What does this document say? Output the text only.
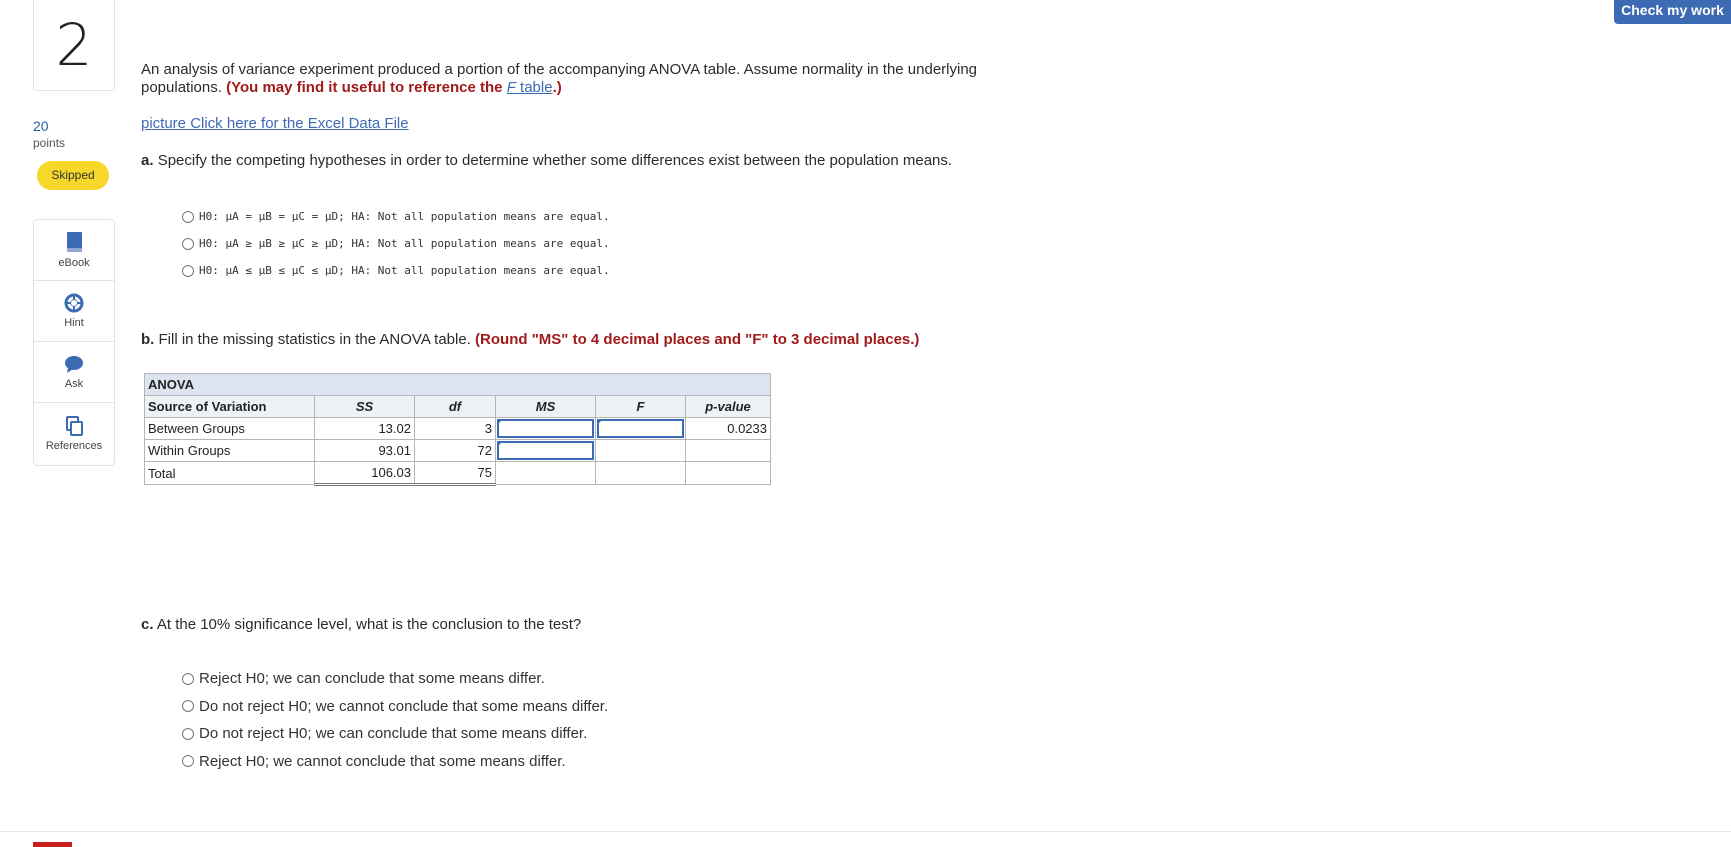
2
20
points
Skipped
eBook
Hint
Ask
References
Check my work
An analysis of variance experiment produced a portion of the accompanying ANOVA table. Assume normality in the underlying populations. (You may find it useful to reference the F table.)
picture Click here for the Excel Data File
a. Specify the competing hypotheses in order to determine whether some differences exist between the population means.
H0: μA = μB = μC = μD; HA: Not all population means are equal.
H0: μA ≥ μB ≥ μC ≥ μD; HA: Not all population means are equal.
H0: μA ≤ μB ≤ μC ≤ μD; HA: Not all population means are equal.
b. Fill in the missing statistics in the ANOVA table. (Round "MS" to 4 decimal places and "F" to 3 decimal places.)
ANOVA					
Source of Variation	SS	df	MS	F	p-value
Between Groups	13.02	3			0.0233
Within Groups	93.01	72	

Total	106.03	75			
c. At the 10% significance level, what is the conclusion to the test?
Reject H0; we can conclude that some means differ.
Do not reject H0; we cannot conclude that some means differ.
Do not reject H0; we can conclude that some means differ.
Reject H0; we cannot conclude that some means differ.
